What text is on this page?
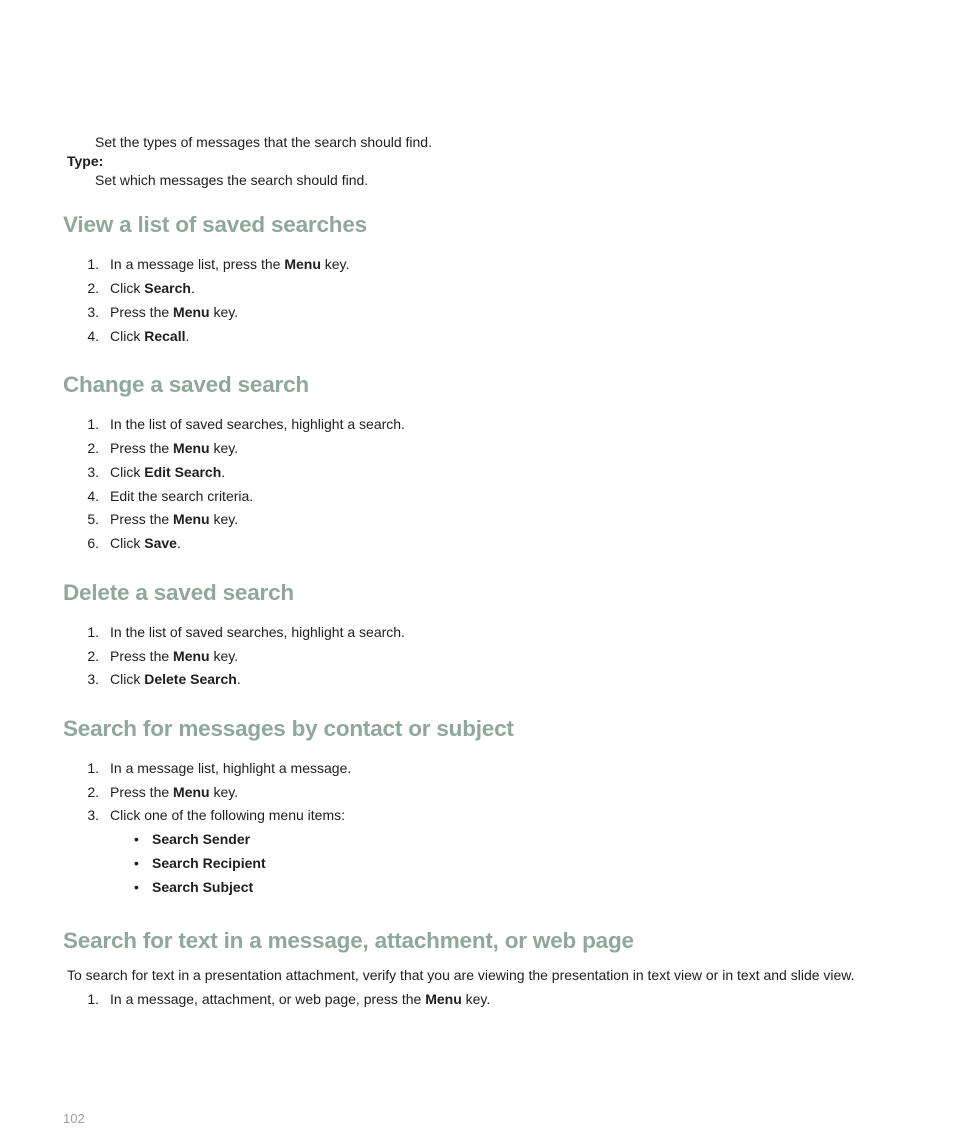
Set the types of messages that the search should find.
Type:
Set which messages the search should find.
View a list of saved searches
1. In a message list, press the Menu key.
2. Click Search.
3. Press the Menu key.
4. Click Recall.
Change a saved search
1. In the list of saved searches, highlight a search.
2. Press the Menu key.
3. Click Edit Search.
4. Edit the search criteria.
5. Press the Menu key.
6. Click Save.
Delete a saved search
1. In the list of saved searches, highlight a search.
2. Press the Menu key.
3. Click Delete Search.
Search for messages by contact or subject
1. In a message list, highlight a message.
2. Press the Menu key.
3. Click one of the following menu items:
• Search Sender
• Search Recipient
• Search Subject
Search for text in a message, attachment, or web page
To search for text in a presentation attachment, verify that you are viewing the presentation in text view or in text and slide view.
1. In a message, attachment, or web page, press the Menu key.
102
